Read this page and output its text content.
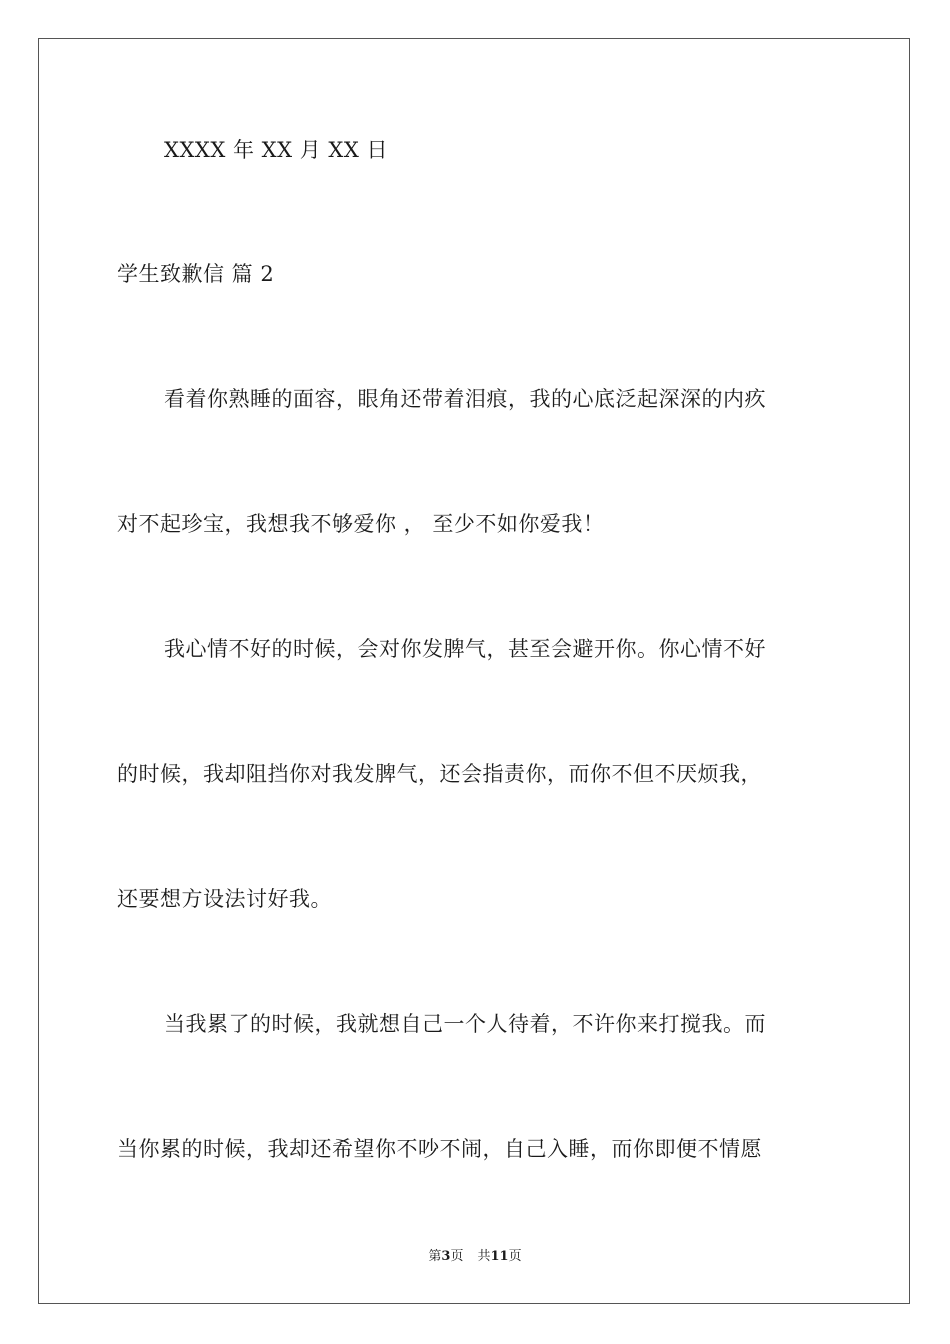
XXXX 年 XX 月 XX 日
学生致歉信 篇 2
看着你熟睡的面容，眼角还带着泪痕，我的心底泛起深深的内疚
对不起珍宝，我想我不够爱你 ， 至少不如你爱我！
我心情不好的时候，会对你发脾气，甚至会避开你。你心情不好
的时候，我却阻挡你对我发脾气，还会指责你，而你不但不厌烦我，
还要想方设法讨好我。
当我累了的时候，我就想自己一个人待着，不许你来打搅我。而
当你累的时候，我却还希望你不吵不闹，自己入睡，而你即便不情愿
第3页 共11页
